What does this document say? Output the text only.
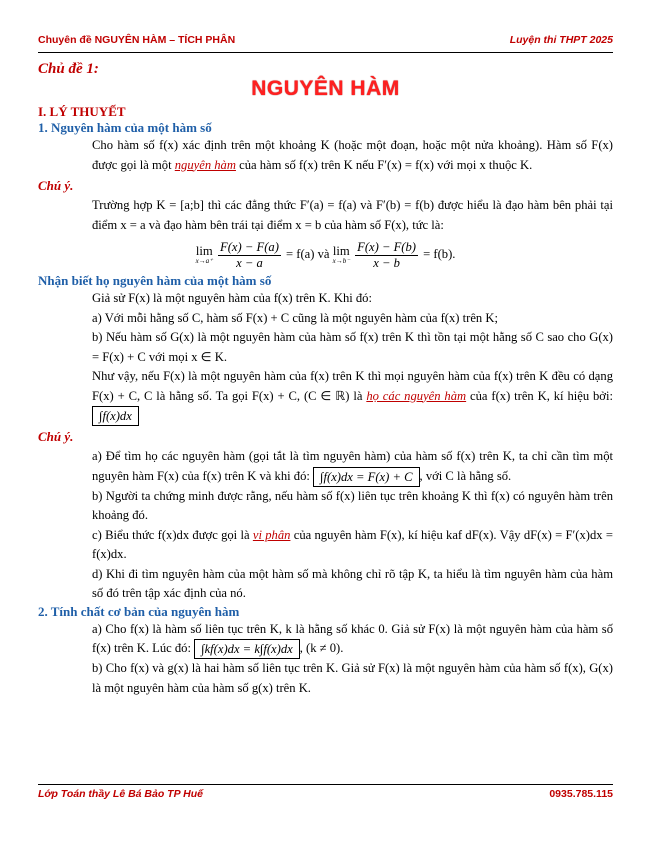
Chuyên đề NGUYÊN HÀM – TÍCH PHÂN	Luyện thi THPT 2025
Chủ đề 1:
NGUYÊN HÀM
I. LÝ THUYẾT
1. Nguyên hàm của một hàm số

Cho hàm số f(x) xác định trên một khoảng K (hoặc một đoạn, hoặc một nửa khoảng). Hàm số F(x) được gọi là một nguyên hàm của hàm số f(x) trên K nếu F′(x) = f(x) với mọi x thuộc K.

Chú ý.

Trường hợp K = [a;b] thì các đẳng thức F′(a) = f(a) và F′(b) = f(b) được hiểu là đạo hàm bên phải tại điểm x = a và đạo hàm bên trái tại điểm x = b của hàm số F(x), tức là:

lim
x→a⁺
$\frac{F(x) - F(a)}{x - a} = f(a)$ và lim
x→b⁻
$\frac{F(x) - F(b)}{x - b} = f(b)$.

Nhận biết họ nguyên hàm của một hàm số

Giả sử F(x) là một nguyên hàm của f(x) trên K. Khi đó:

a) Với mỗi hằng số C, hàm số F(x) + C cũng là một nguyên hàm của f(x) trên K;

b) Nếu hàm số G(x) là một nguyên hàm của hàm số f(x) trên K thì tồn tại một hằng số C sao cho G(x) = F(x) + C với mọi x ∈ K.

Như vậy, nếu F(x) là một nguyên hàm của f(x) trên K thì mọi nguyên hàm của f(x) trên K đều có dạng F(x) + C, C là hằng số. Ta gọi F(x) + C, (C ∈ ℝ) là họ các nguyên hàm của f(x) trên K, kí hiệu bởi: ∫f(x)dx

Chú ý.

a) Để tìm họ các nguyên hàm (gọi tắt là tìm nguyên hàm) của hàm số f(x) trên K, ta chỉ cần tìm một nguyên hàm F(x) của f(x) trên K và khi đó: ∫f(x)dx = F(x) + C , với C là hằng số.

b) Người ta chứng minh được rằng, nếu hàm số f(x) liên tục trên khoảng K thì f(x) có nguyên hàm trên khoảng đó.

c) Biểu thức f(x)dx được gọi là vi phân của nguyên hàm F(x), kí hiệu kaf dF(x). Vậy dF(x) = F′(x)dx = f(x)dx.

d) Khi đi tìm nguyên hàm của một hàm số mà không chỉ rõ tập K, ta hiểu là tìm nguyên hàm của hàm số đó trên tập xác định của nó.

2. Tính chất cơ bản của nguyên hàm

a) Cho f(x) là hàm số liên tục trên K, k là hằng số khác 0. Giả sử F(x) là một nguyên hàm của hàm số f(x) trên K. Lúc đó: ∫kf(x)dx = k∫f(x)dx , (k ≠ 0).

b) Cho f(x) và g(x) là hai hàm số liên tục trên K. Giả sử F(x) là một nguyên hàm của hàm số f(x), G(x) là một nguyên hàm của hàm số g(x) trên K.

Lớp Toán thầy Lê Bá Bảo TP Huế	0935.785.115
